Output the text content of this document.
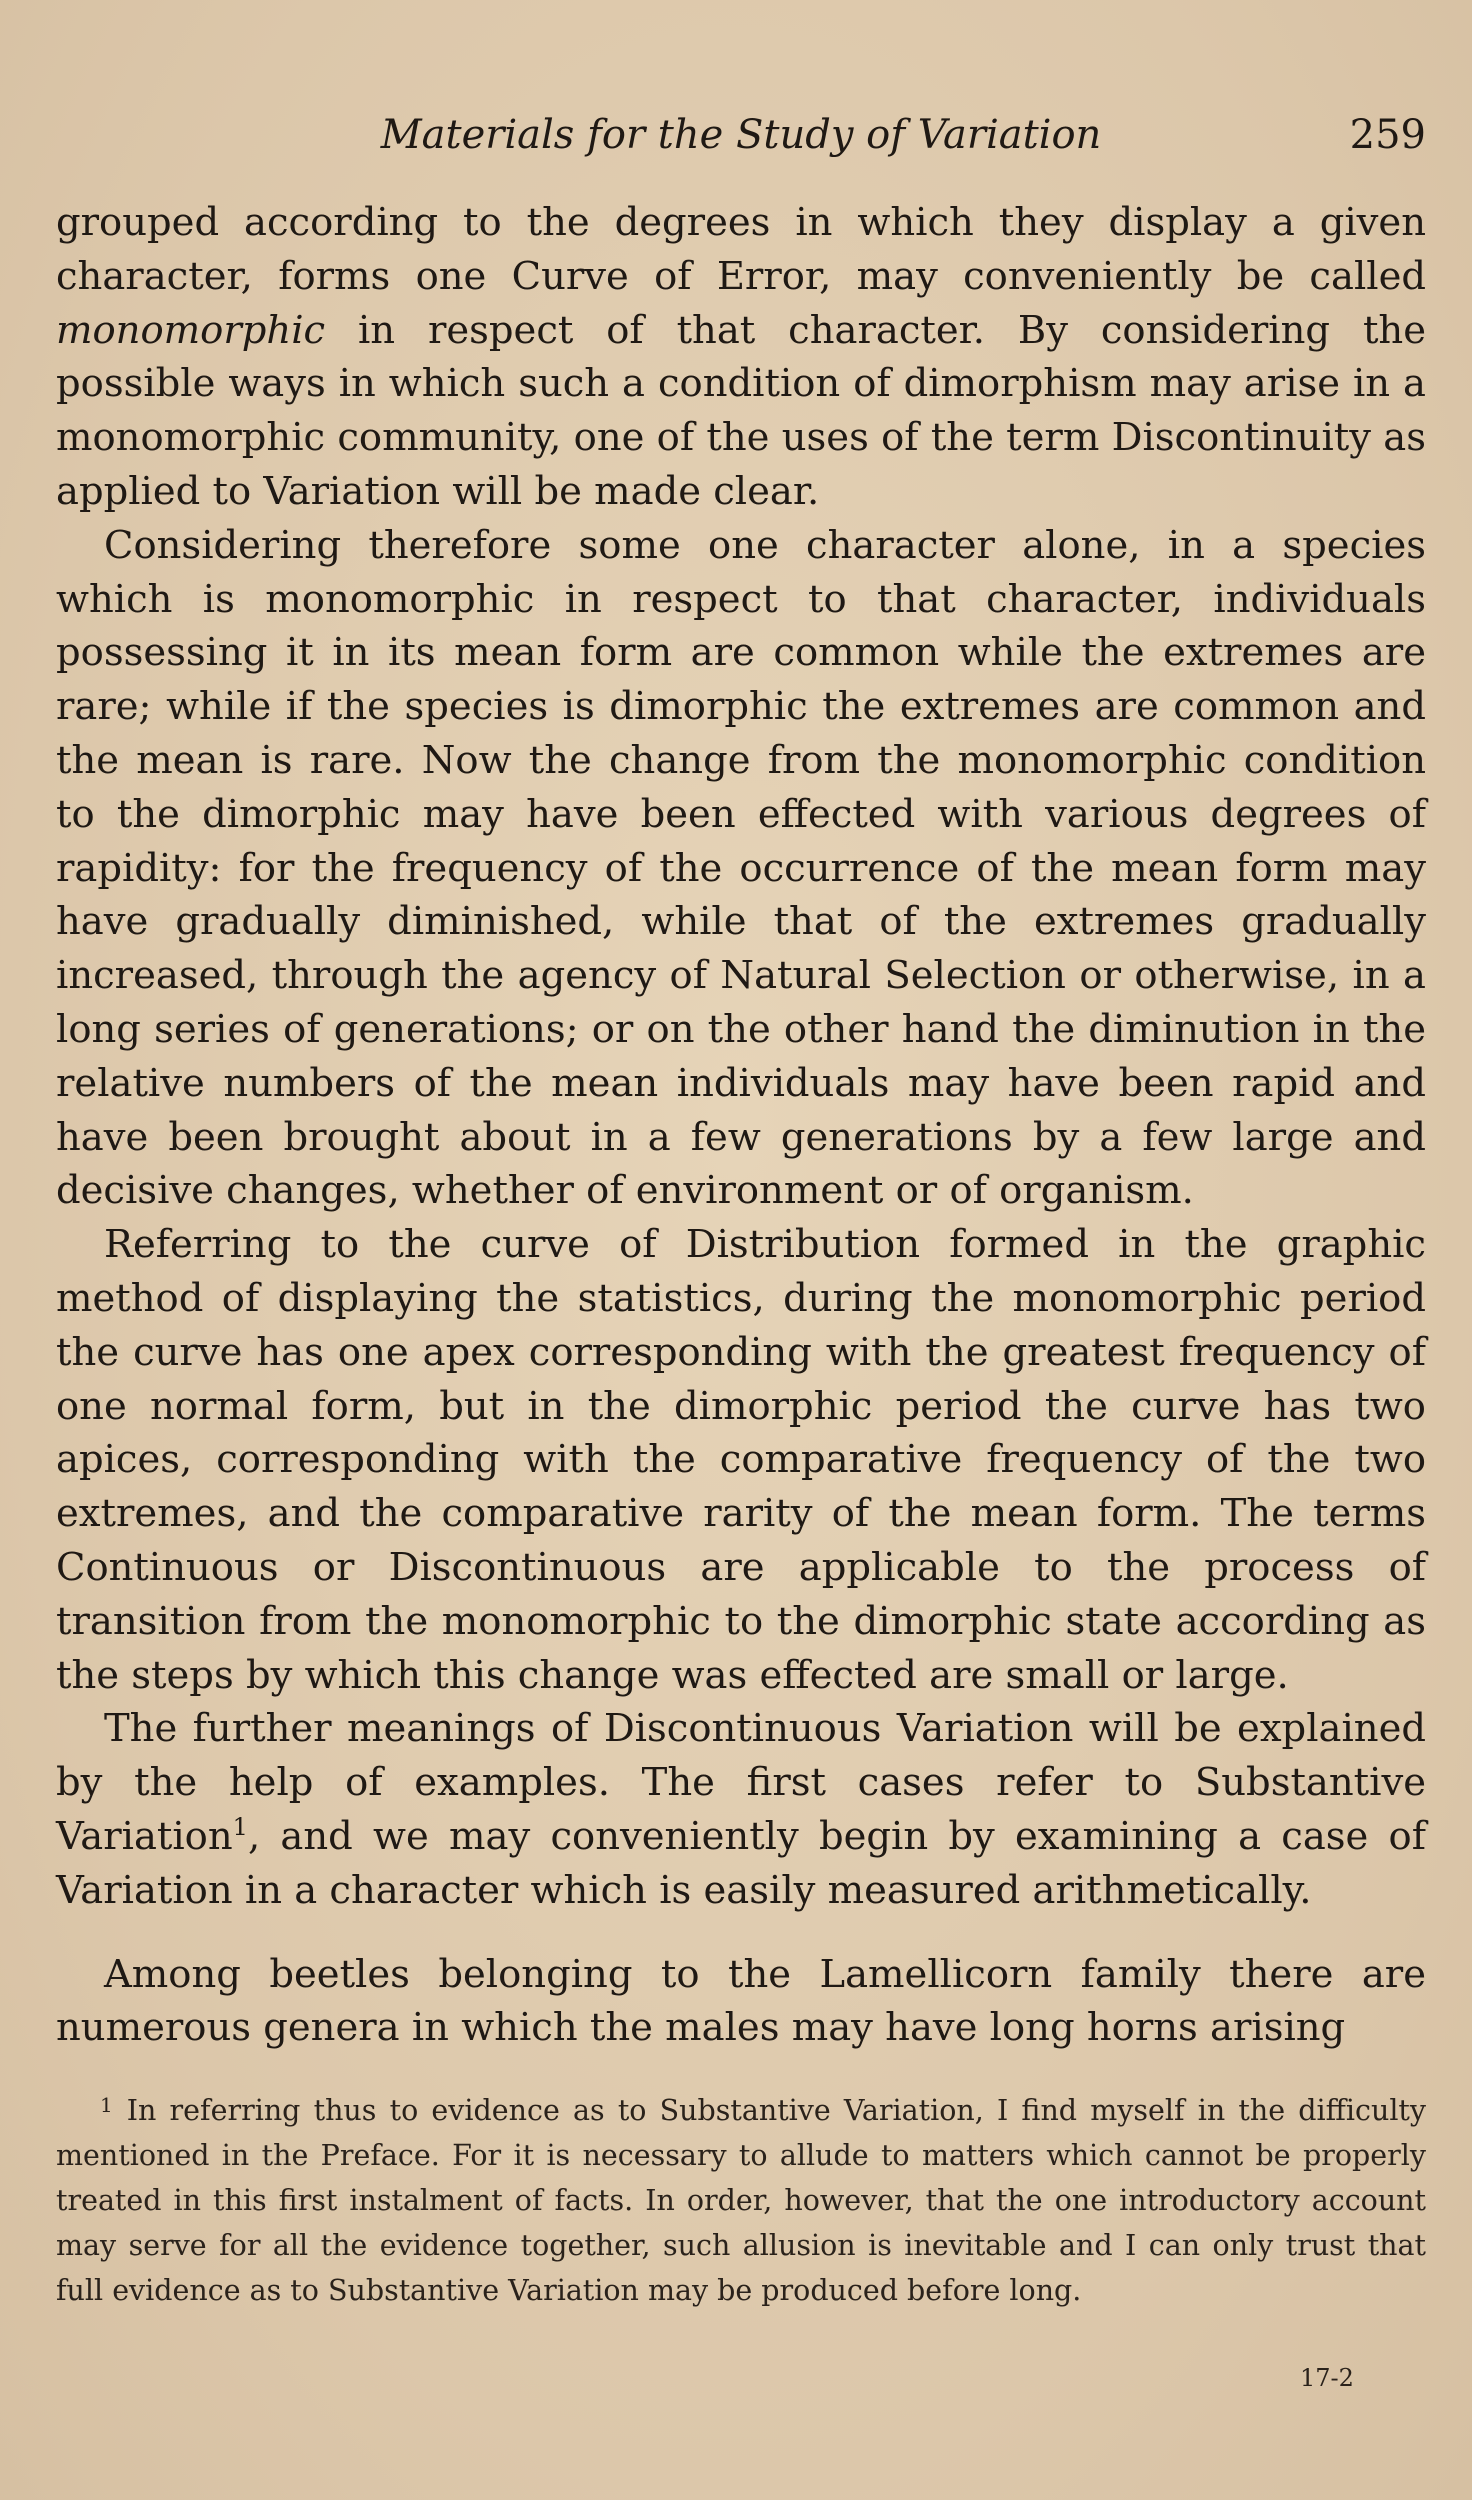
Materials for the Study of Variation	259

grouped according to the degrees in which they display a given character, forms one Curve of Error, may conveniently be called monomorphic in respect of that character. By considering the possible ways in which such a condition of dimorphism may arise in a monomorphic community, one of the uses of the term Discontinuity as applied to Variation will be made clear.

Considering therefore some one character alone, in a species which is monomorphic in respect to that character, individuals possessing it in its mean form are common while the extremes are rare; while if the species is dimorphic the extremes are common and the mean is rare. Now the change from the monomorphic condition to the dimorphic may have been effected with various degrees of rapidity: for the frequency of the occurrence of the mean form may have gradually diminished, while that of the extremes gradually increased, through the agency of Natural Selection or otherwise, in a long series of generations; or on the other hand the diminution in the relative numbers of the mean individuals may have been rapid and have been brought about in a few generations by a few large and decisive changes, whether of environment or of organism.

Referring to the curve of Distribution formed in the graphic method of displaying the statistics, during the monomorphic period the curve has one apex corresponding with the greatest frequency of one normal form, but in the dimorphic period the curve has two apices, corresponding with the comparative frequency of the two extremes, and the comparative rarity of the mean form. The terms Continuous or Discontinuous are applicable to the process of transition from the monomorphic to the dimorphic state according as the steps by which this change was effected are small or large.

The further meanings of Discontinuous Variation will be explained by the help of examples. The first cases refer to Substantive Variation$^1$, and we may conveniently begin by examining a case of Variation in a character which is easily measured arithmetically.

Among beetles belonging to the Lamellicorn family there are numerous genera in which the males may have long horns arising

$^1$ In referring thus to evidence as to Substantive Variation, I find myself in the difficulty mentioned in the Preface. For it is necessary to allude to matters which cannot be properly treated in this first instalment of facts. In order, however, that the one introductory account may serve for all the evidence together, such allusion is inevitable and I can only trust that full evidence as to Substantive Variation may be produced before long.

17-2
